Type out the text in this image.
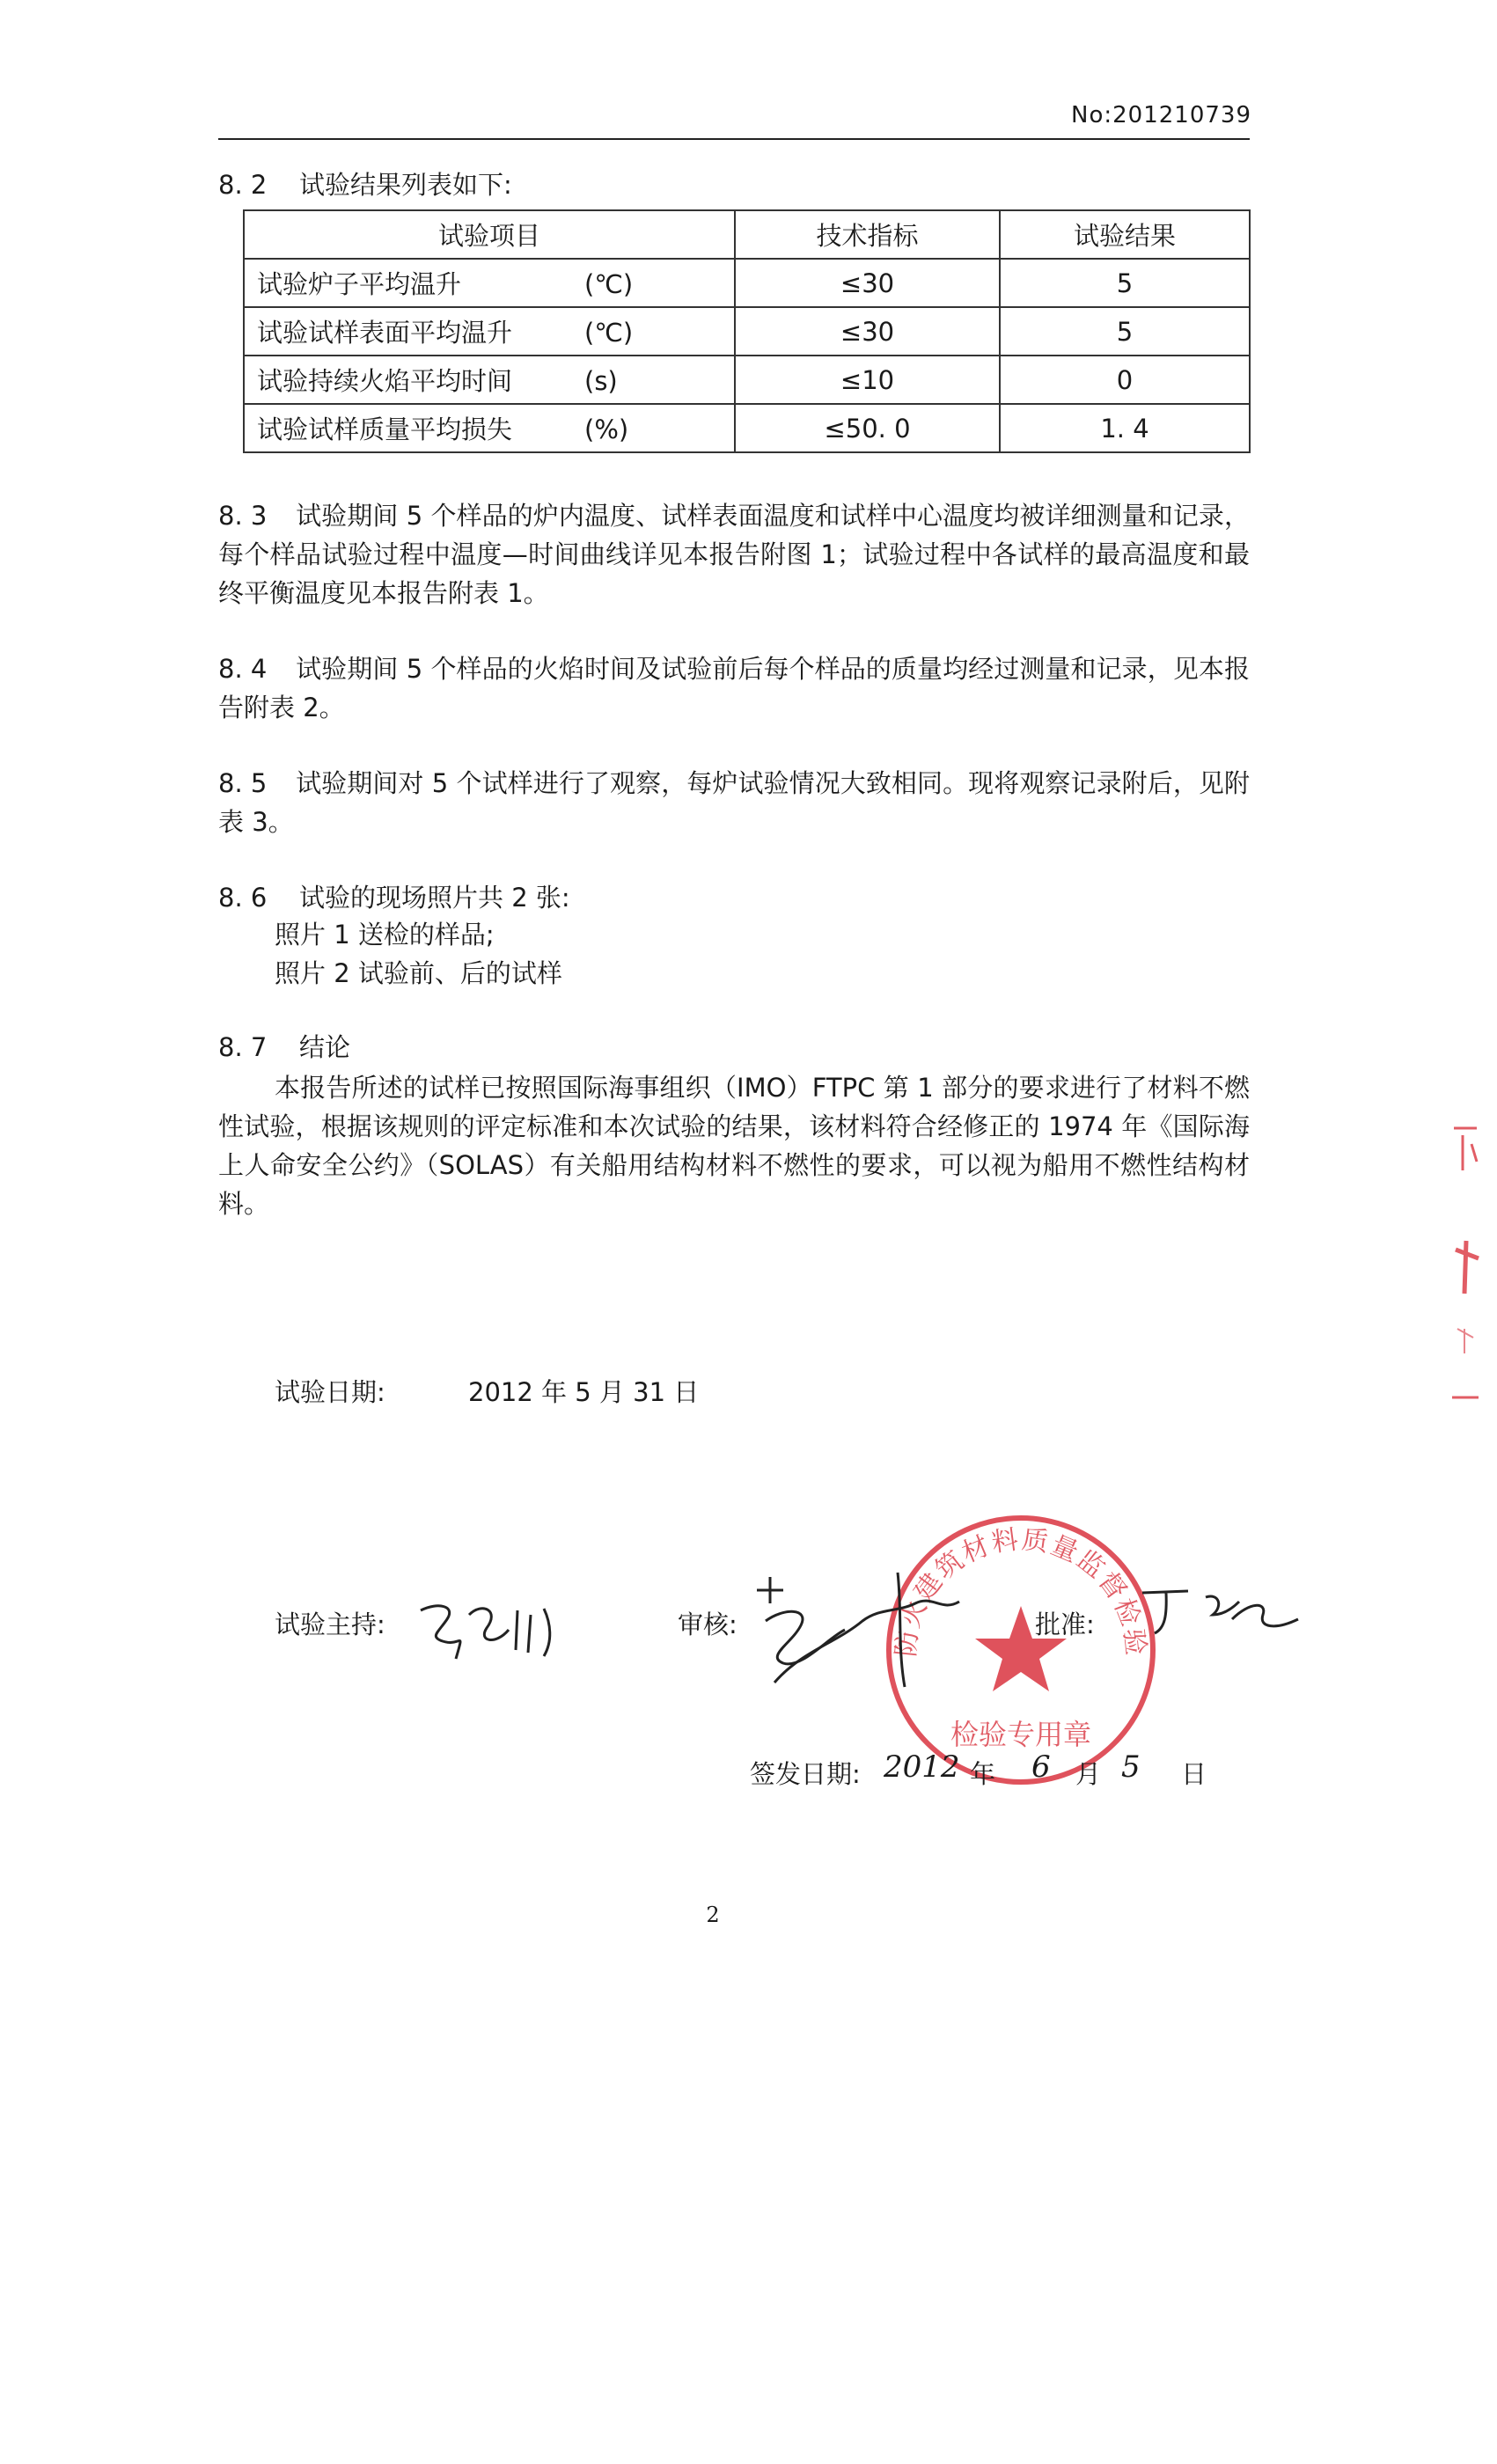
No:201210739
8. 2 试验结果列表如下:
试验项目	技术指标	试验结果
试验炉子平均温升 (℃)	≤30	5
试验试样表面平均温升 (℃)	≤30	5
试验持续火焰平均时间 (s)	≤10	0
试验试样质量平均损失 (%)	≤50. 0	1. 4
8. 3 试验期间 5 个样品的炉内温度、试样表面温度和试样中心温度均被详细测量和记录，每个样品试验过程中温度—时间曲线详见本报告附图 1；试验过程中各试样的最高温度和最终平衡温度见本报告附表 1。
8. 4 试验期间 5 个样品的火焰时间及试验前后每个样品的质量均经过测量和记录，见本报告附表 2。
8. 5 试验期间对 5 个试样进行了观察，每炉试验情况大致相同。现将观察记录附后，见附表 3。
8. 6 试验的现场照片共 2 张:
照片 1 送检的样品;
照片 2 试验前、后的试样
8. 7 结论

本报告所述的试样已按照国际海事组织（IMO）FTPC 第 1 部分的要求进行了材料不燃性试验，根据该规则的评定标准和本次试验的结果，该材料符合经修正的 1974 年《国际海上人命安全公约》（SOLAS）有关船用结构材料不燃性的要求，可以视为船用不燃性结构材料。

试验日期:	2012 年 5 月 31 日
试验主持:	审核:
防火建筑材料质量监督检验
检验专用章
批准:
签发日期: 2012 年 6 月 5 日
2
